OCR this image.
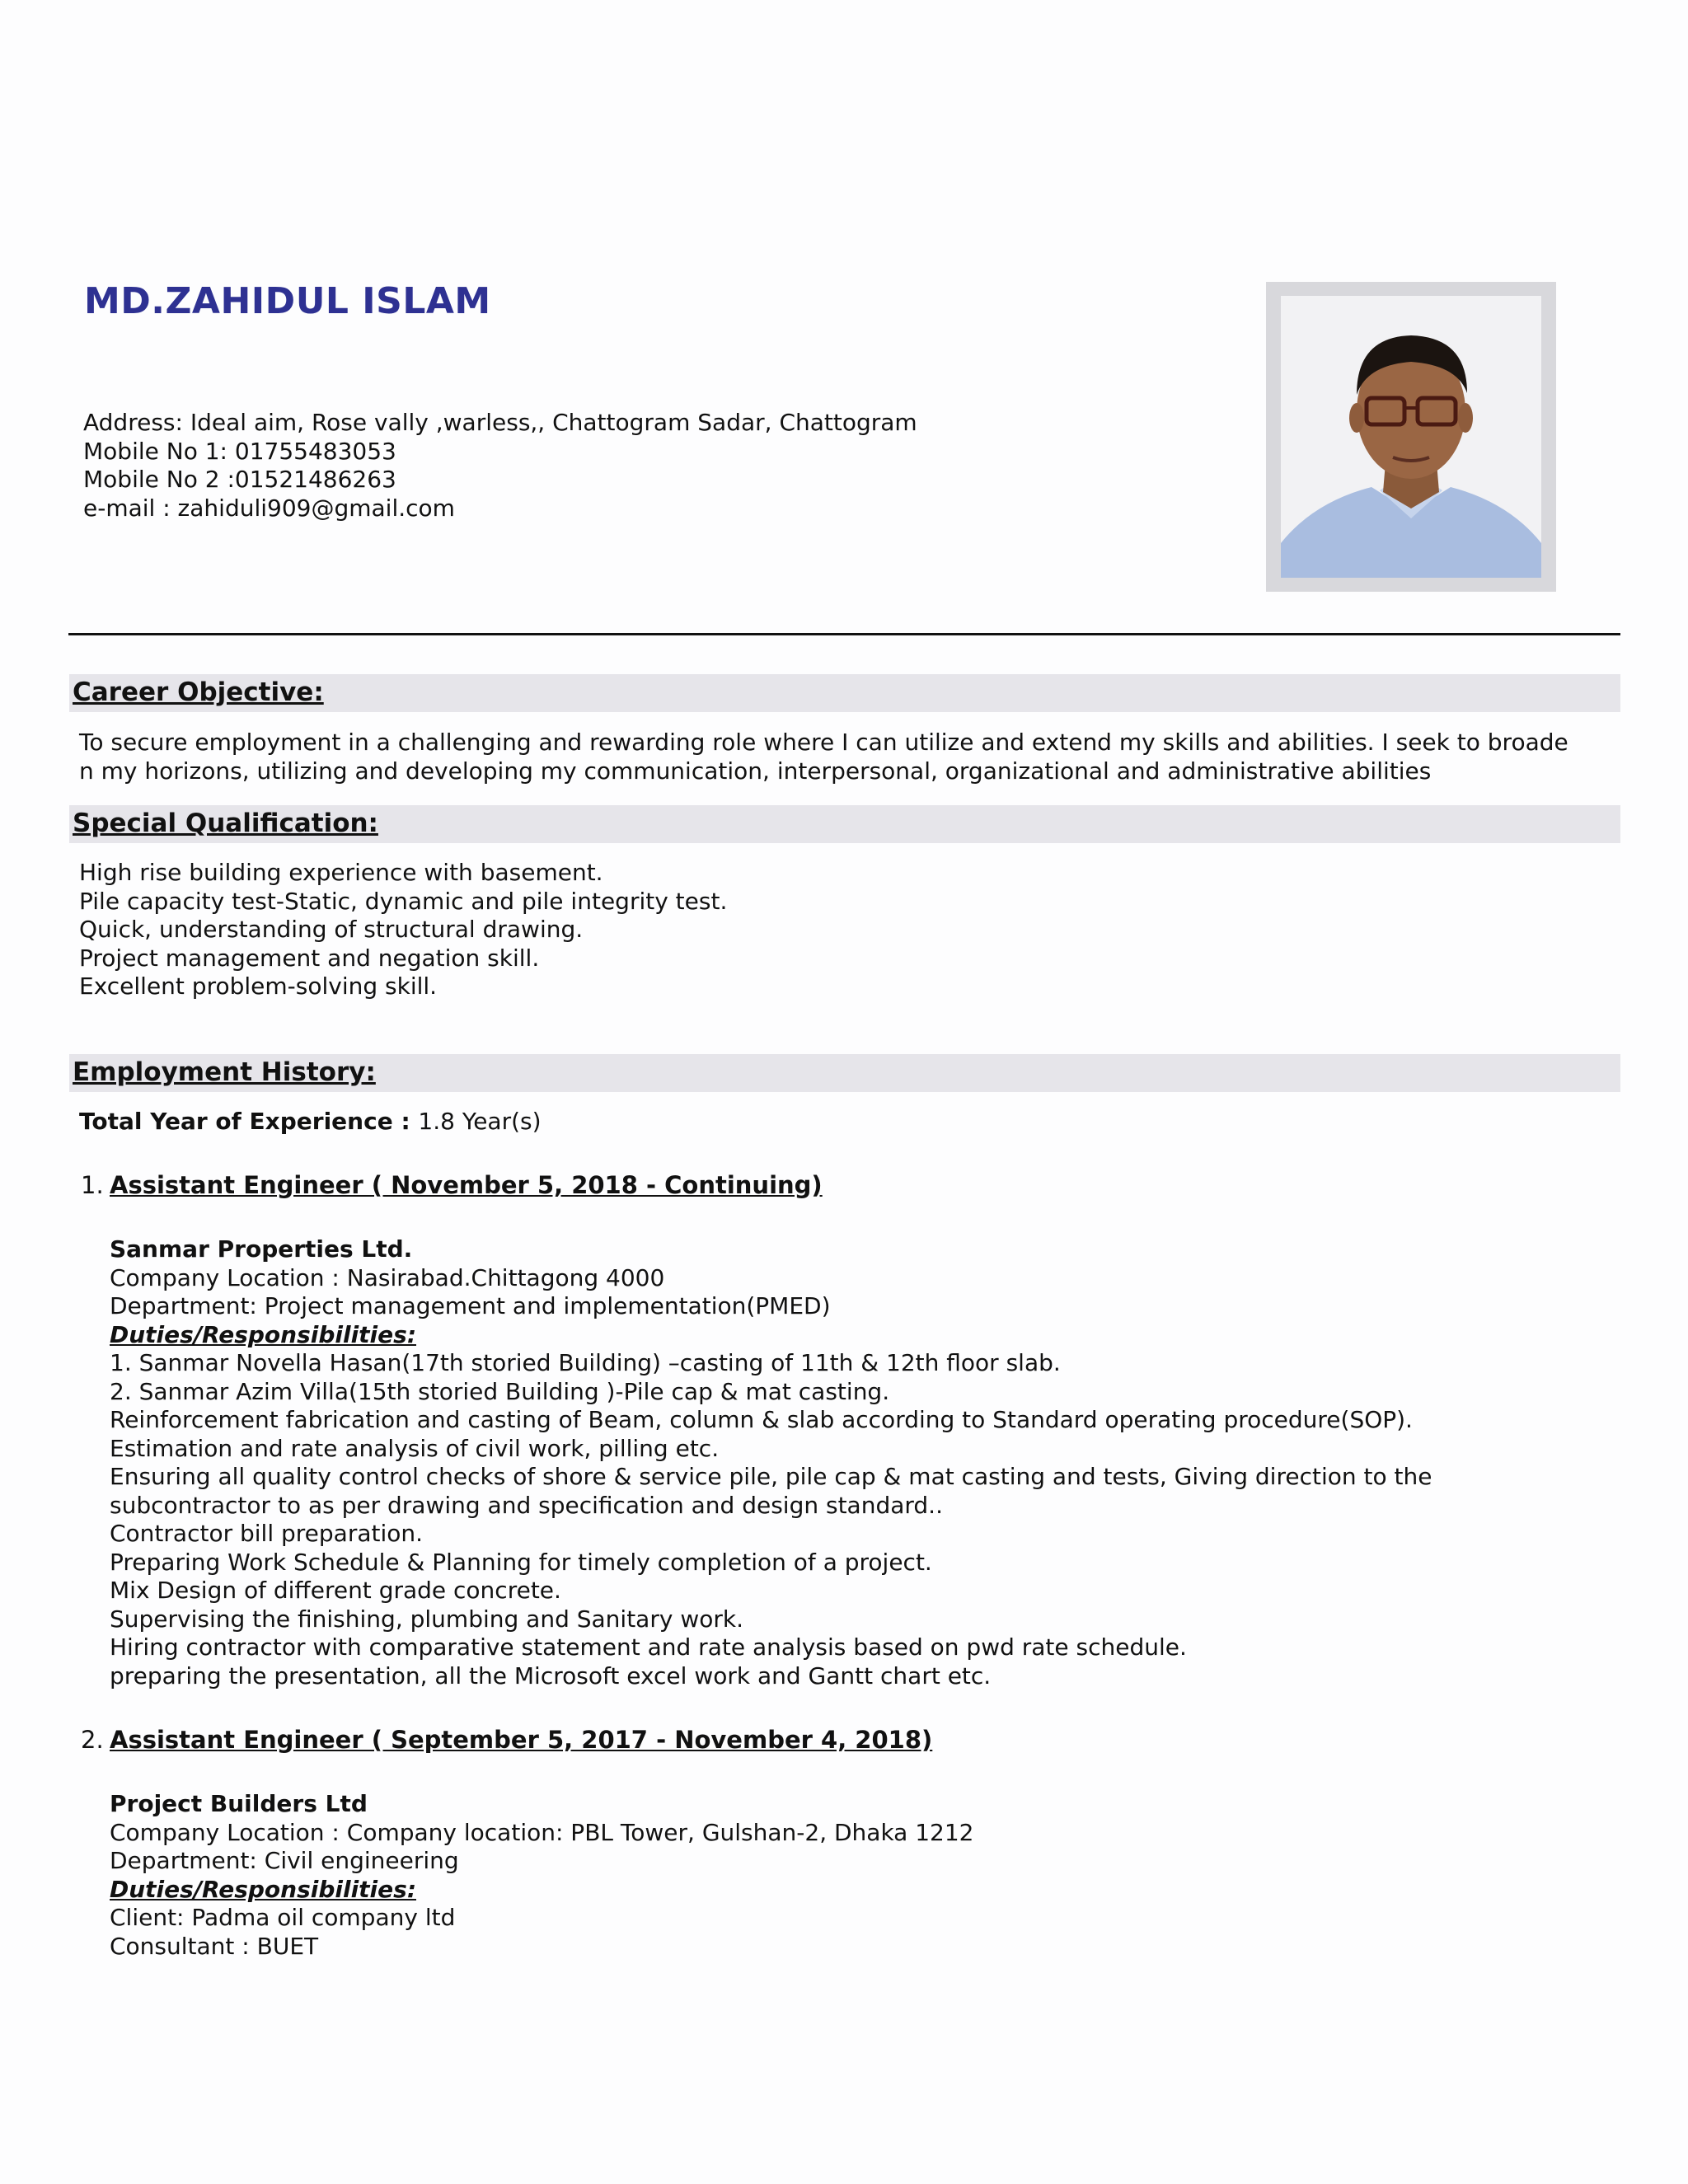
MD.ZAHIDUL ISLAM
Address: Ideal aim, Rose vally ,warless,, Chattogram Sadar, Chattogram
Mobile No 1: 01755483053
Mobile No 2 :01521486263
e-mail : zahiduli909@gmail.com
Career Objective:
To secure employment in a challenging and rewarding role where I can utilize and extend my skills and abilities. I seek to broade
n my horizons, utilizing and developing my communication, interpersonal, organizational and administrative abilities
Special Qualification:
High rise building experience with basement.
Pile capacity test-Static, dynamic and pile integrity test.
Quick, understanding of structural drawing.
Project management and negation skill.
Excellent problem-solving skill.
Employment History:
Total Year of Experience : 1.8 Year(s)
1. Assistant Engineer ( November 5, 2018 - Continuing)
Sanmar Properties Ltd.
Company Location : Nasirabad.Chittagong 4000
Department: Project management and implementation(PMED)
Duties/Responsibilities:
1. Sanmar Novella Hasan(17th storied Building) –casting of 11th & 12th floor slab.
2. Sanmar Azim Villa(15th storied Building )-Pile cap & mat casting.
Reinforcement fabrication and casting of Beam, column & slab according to Standard operating procedure(SOP).
Estimation and rate analysis of civil work, pilling etc.
Ensuring all quality control checks of shore & service pile, pile cap & mat casting and tests, Giving direction to the
subcontractor to as per drawing and specification and design standard..
Contractor bill preparation.
Preparing Work Schedule & Planning for timely completion of a project.
Mix Design of different grade concrete.
Supervising the finishing, plumbing and Sanitary work.
Hiring contractor with comparative statement and rate analysis based on pwd rate schedule.
preparing the presentation, all the Microsoft excel work and Gantt chart etc.
2. Assistant Engineer ( September 5, 2017 - November 4, 2018)
Project Builders Ltd
Company Location : Company location: PBL Tower, Gulshan-2, Dhaka 1212
Department: Civil engineering
Duties/Responsibilities:
Client: Padma oil company ltd
Consultant : BUET
